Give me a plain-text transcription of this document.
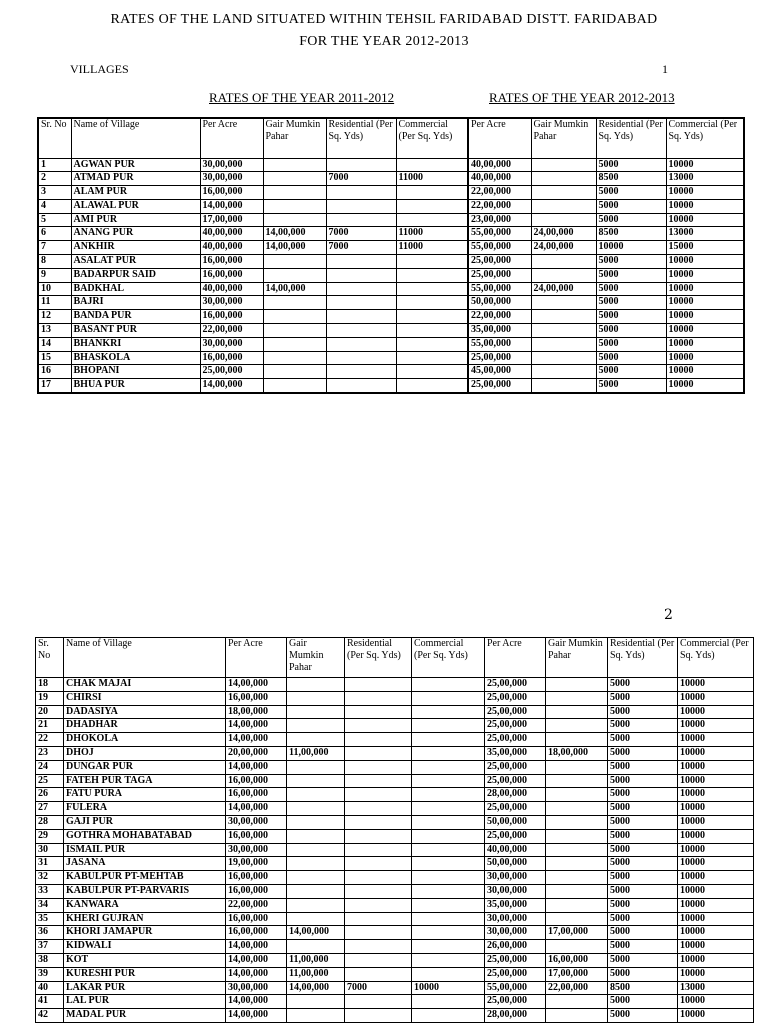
RATES OF THE LAND SITUATED WITHIN TEHSIL FARIDABAD DISTT. FARIDABAD
FOR THE YEAR 2012-2013
VILLAGES	1
RATES OF THE YEAR 2011-2012	RATES OF THE YEAR 2012-2013
Sr. No	Name of Village	Per Acre	Gair Mumkin Pahar	Residential (Per Sq. Yds)	Commercial (Per Sq. Yds)	Per Acre	Gair Mumkin Pahar	Residential (Per Sq. Yds)	Commercial (Per Sq. Yds)
1	AGWAN PUR	30,00,000				40,00,000		5000	10000
2	ATMAD PUR	30,00,000		7000	11000	40,00,000		8500	13000
3	ALAM PUR	16,00,000				22,00,000		5000	10000
4	ALAWAL PUR	14,00,000				22,00,000		5000	10000
5	AMI PUR	17,00,000				23,00,000		5000	10000
6	ANANG PUR	40,00,000	14,00,000	7000	11000	55,00,000	24,00,000	8500	13000
7	ANKHIR	40,00,000	14,00,000	7000	11000	55,00,000	24,00,000	10000	15000
8	ASALAT PUR	16,00,000				25,00,000		5000	10000
9	BADARPUR SAID	16,00,000				25,00,000		5000	10000
10	BADKHAL	40,00,000	14,00,000			55,00,000	24,00,000	5000	10000
11	BAJRI	30,00,000				50,00,000		5000	10000
12	BANDA PUR	16,00,000				22,00,000		5000	10000
13	BASANT PUR	22,00,000				35,00,000		5000	10000
14	BHANKRI	30,00,000				55,00,000		5000	10000
15	BHASKOLA	16,00,000				25,00,000		5000	10000
16	BHOPANI	25,00,000				45,00,000		5000	10000
17	BHUA PUR	14,00,000				25,00,000		5000	10000
2
Sr. No	Name of Village	Per Acre	Gair Mumkin Pahar	Residential (Per Sq. Yds)	Commercial (Per Sq. Yds)	Per Acre	Gair Mumkin Pahar	Residential (Per Sq. Yds)	Commercial (Per Sq. Yds)
18	CHAK MAJAI	14,00,000				25,00,000		5000	10000
19	CHIRSI	16,00,000				25,00,000		5000	10000
20	DADASIYA	18,00,000				25,00,000		5000	10000
21	DHADHAR	14,00,000				25,00,000		5000	10000
22	DHOKOLA	14,00,000				25,00,000		5000	10000
23	DHOJ	20,00,000	11,00,000			35,00,000	18,00,000	5000	10000
24	DUNGAR PUR	14,00,000				25,00,000		5000	10000
25	FATEH PUR TAGA	16,00,000				25,00,000		5000	10000
26	FATU PURA	16,00,000				28,00,000		5000	10000
27	FULERA	14,00,000				25,00,000		5000	10000
28	GAJI PUR	30,00,000				50,00,000		5000	10000
29	GOTHRA MOHABATABAD	16,00,000				25,00,000		5000	10000
30	ISMAIL PUR	30,00,000				40,00,000		5000	10000
31	JASANA	19,00,000				50,00,000		5000	10000
32	KABULPUR PT-MEHTAB	16,00,000				30,00,000		5000	10000
33	KABULPUR PT-PARVARIS	16,00,000				30,00,000		5000	10000
34	KANWARA	22,00,000				35,00,000		5000	10000
35	KHERI GUJRAN	16,00,000				30,00,000		5000	10000
36	KHORI JAMAPUR	16,00,000	14,00,000			30,00,000	17,00,000	5000	10000
37	KIDWALI	14,00,000				26,00,000		5000	10000
38	KOT	14,00,000	11,00,000			25,00,000	16,00,000	5000	10000
39	KURESHI PUR	14,00,000	11,00,000			25,00,000	17,00,000	5000	10000
40	LAKAR PUR	30,00,000	14,00,000	7000	10000	55,00,000	22,00,000	8500	13000
41	LAL PUR	14,00,000				25,00,000		5000	10000
42	MADAL PUR	14,00,000				28,00,000		5000	10000
